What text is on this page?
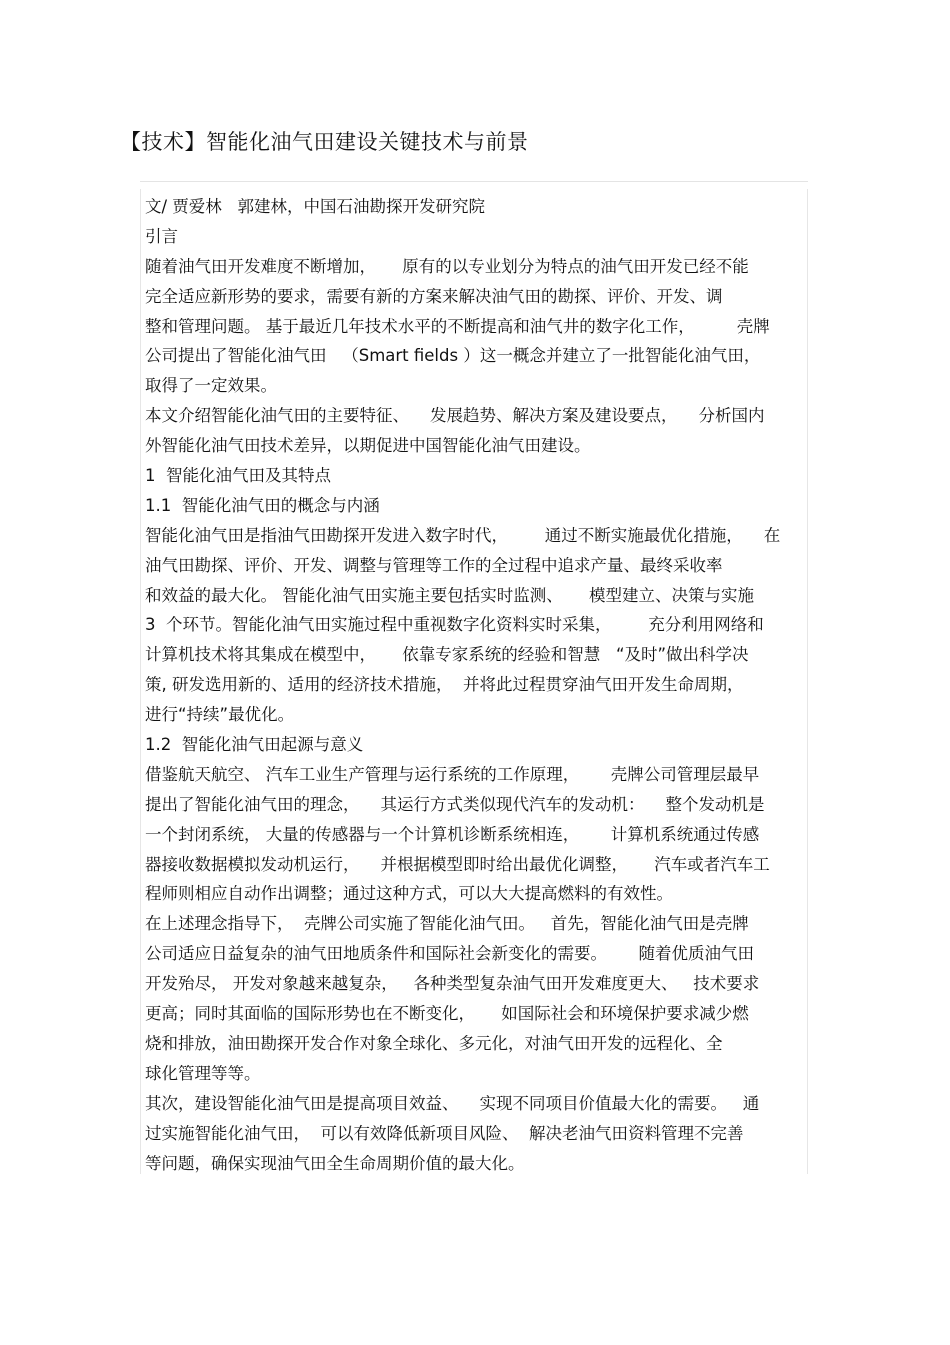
【技术】智能化油气田建设关键技术与前景
文/ 贾爱林   郭建林，中国石油勘探开发研究院
引言
随着油气田开发难度不断增加，     原有的以专业划分为特点的油气田开发已经不能
完全适应新形势的要求，需要有新的方案来解决油气田的勘探、评价、开发、调
整和管理问题。 基于最近几年技术水平的不断提高和油气井的数字化工作，        壳牌
公司提出了智能化油气田   （Smart fields ）这一概念并建立了一批智能化油气田，
取得了一定效果。
本文介绍智能化油气田的主要特征、    发展趋势、解决方案及建设要点，    分析国内
外智能化油气田技术差异，以期促进中国智能化油气田建设。
1  智能化油气田及其特点
1.1  智能化油气田的概念与内涵
智能化油气田是指油气田勘探开发进入数字时代，       通过不断实施最优化措施，    在
油气田勘探、评价、开发、调整与管理等工作的全过程中追求产量、最终采收率
和效益的最大化。 智能化油气田实施主要包括实时监测、     模型建立、决策与实施
3  个环节。智能化油气田实施过程中重视数字化资料实时采集，       充分利用网络和
计算机技术将其集成在模型中，     依靠专家系统的经验和智慧   “及时”做出科学决
策, 研发选用新的、适用的经济技术措施，  并将此过程贯穿油气田开发生命周期，
进行“持续”最优化。
1.2  智能化油气田起源与意义
借鉴航天航空、 汽车工业生产管理与运行系统的工作原理，      壳牌公司管理层最早
提出了智能化油气田的理念，    其运行方式类似现代汽车的发动机：    整个发动机是
一个封闭系统， 大量的传感器与一个计算机诊断系统相连，      计算机系统通过传感
器接收数据模拟发动机运行，    并根据模型即时给出最优化调整，     汽车或者汽车工
程师则相应自动作出调整；通过这种方式，可以大大提高燃料的有效性。
在上述理念指导下，  壳牌公司实施了智能化油气田。   首先，智能化油气田是壳牌
公司适应日益复杂的油气田地质条件和国际社会新变化的需要。      随着优质油气田
开发殆尽， 开发对象越来越复杂，   各种类型复杂油气田开发难度更大、   技术要求
更高；同时其面临的国际形势也在不断变化，     如国际社会和环境保护要求减少燃
烧和排放，油田勘探开发合作对象全球化、多元化，对油气田开发的远程化、全
球化管理等等。
其次，建设智能化油气田是提高项目效益、    实现不同项目价值最大化的需要。   通
过实施智能化油气田，  可以有效降低新项目风险、  解决老油气田资料管理不完善
等问题，确保实现油气田全生命周期价值的最大化。
